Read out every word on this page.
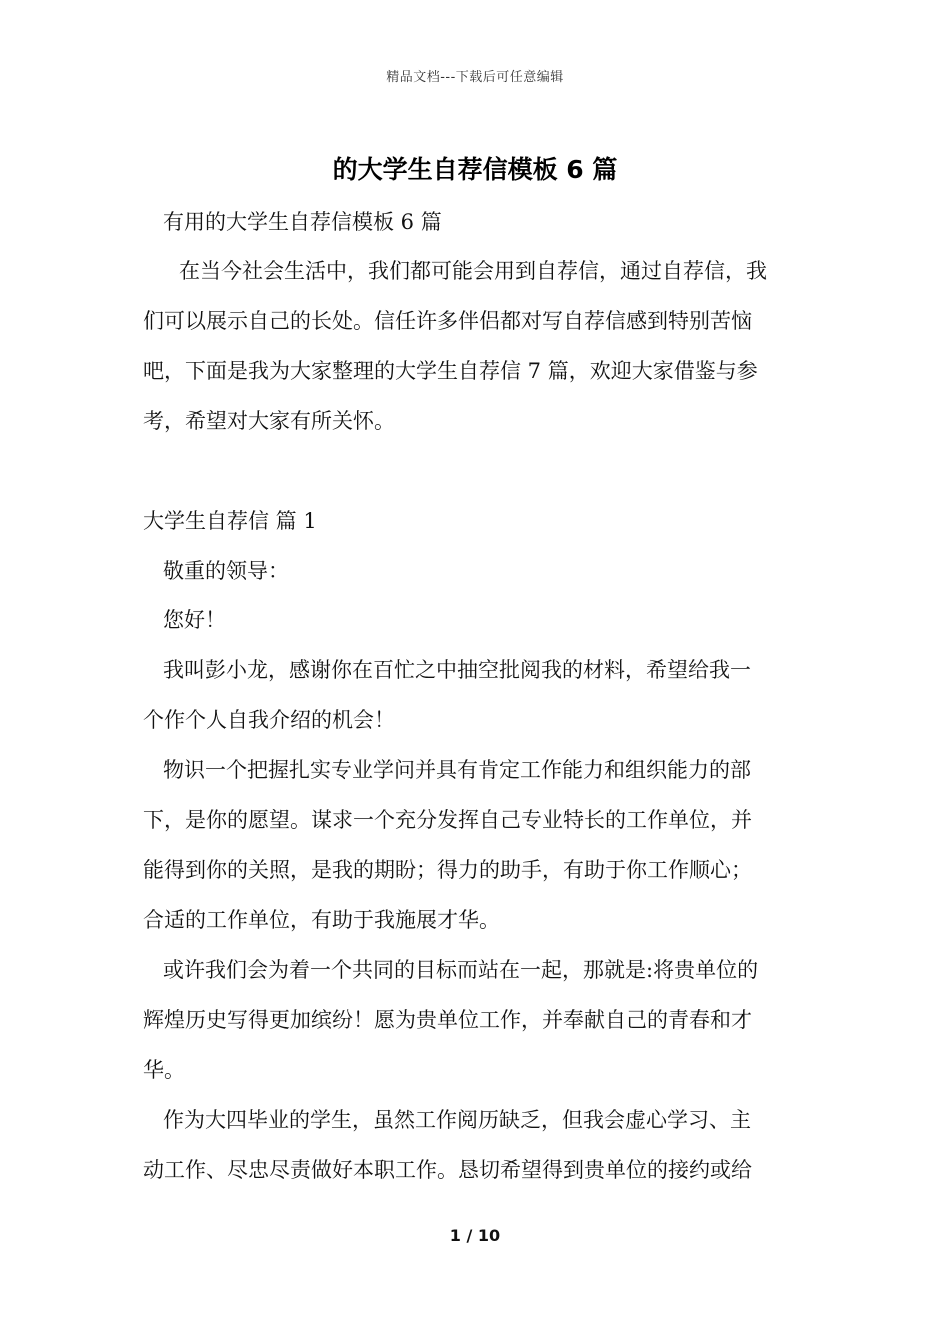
精品文档---下载后可任意编辑
的大学生自荐信模板 6 篇
有用的大学生自荐信模板 6 篇
在当今社会生活中，我们都可能会用到自荐信，通过自荐信，我
们可以展示自己的长处。信任许多伴侣都对写自荐信感到特别苦恼
吧，下面是我为大家整理的大学生自荐信 7 篇，欢迎大家借鉴与参
考，希望对大家有所关怀。
大学生自荐信 篇 1
敬重的领导：
您好！
我叫彭小龙，感谢你在百忙之中抽空批阅我的材料，希望给我一
个作个人自我介绍的机会！
物识一个把握扎实专业学问并具有肯定工作能力和组织能力的部
下，是你的愿望。谋求一个充分发挥自己专业特长的工作单位，并
能得到你的关照，是我的期盼；得力的助手，有助于你工作顺心；
合适的工作单位，有助于我施展才华。
或许我们会为着一个共同的目标而站在一起，那就是:将贵单位的
辉煌历史写得更加缤纷！愿为贵单位工作，并奉献自己的青春和才
华。
作为大四毕业的学生，虽然工作阅历缺乏，但我会虚心学习、主
动工作、尽忠尽责做好本职工作。恳切希望得到贵单位的接约或给
1 / 10
